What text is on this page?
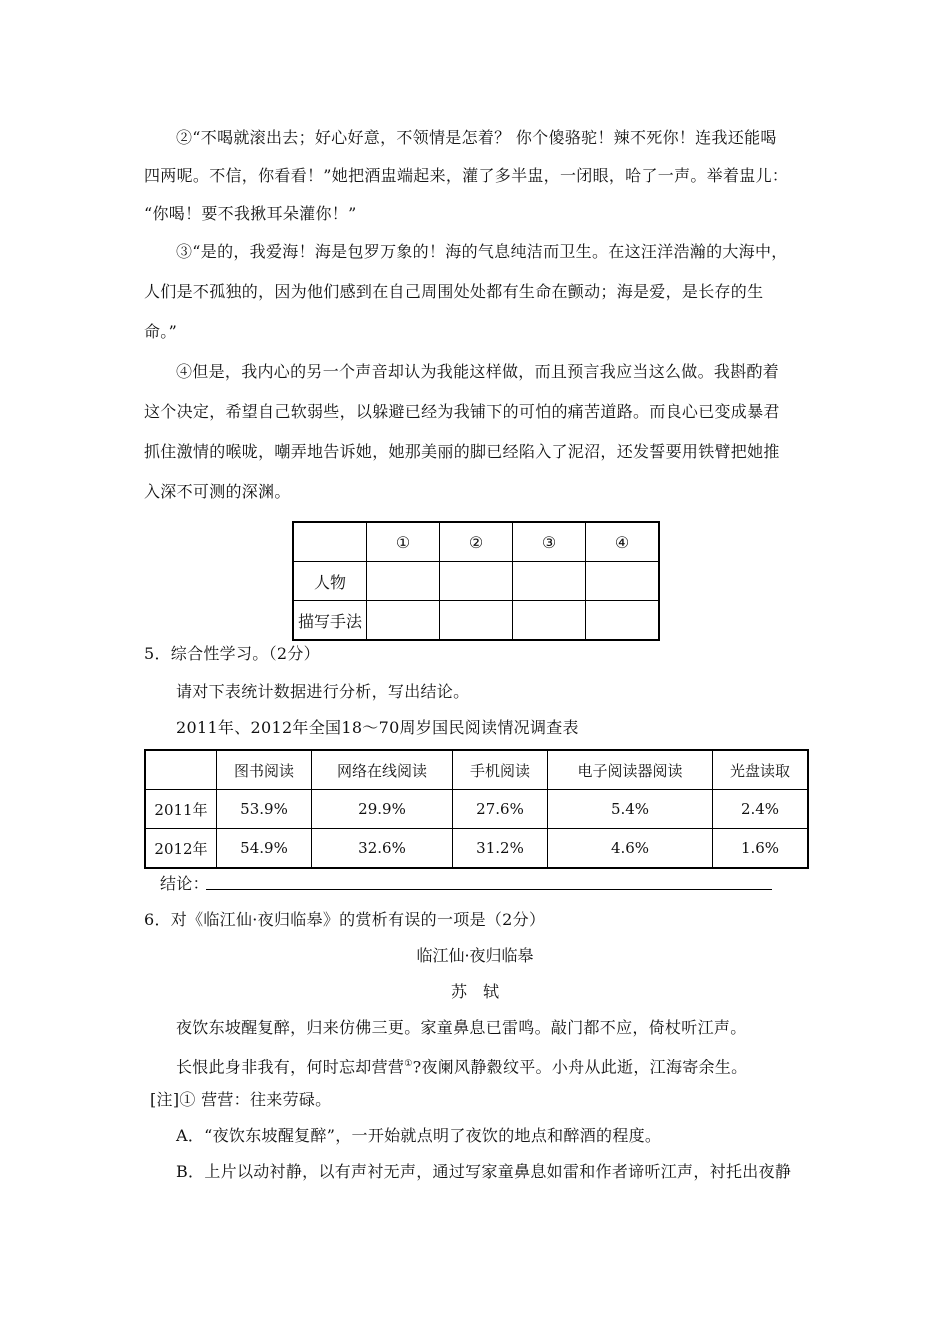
②“不喝就滚出去；好心好意，不领情是怎着？ 你个傻骆驼！辣不死你！连我还能喝
四两呢。不信，你看看！”她把酒盅端起来，灌了多半盅，一闭眼，哈了一声。举着盅儿：
“你喝！要不我揪耳朵灌你！”
③“是的，我爱海！海是包罗万象的！海的气息纯洁而卫生。在这汪洋浩瀚的大海中，
人们是不孤独的，因为他们感到在自己周围处处都有生命在颤动；海是爱，是长存的生
命。”
④但是，我内心的另一个声音却认为我能这样做，而且预言我应当这么做。我斟酌着
这个决定，希望自己软弱些，以躲避已经为我铺下的可怕的痛苦道路。而良心已变成暴君
抓住激情的喉咙，嘲弄地告诉她，她那美丽的脚已经陷入了泥沼，还发誓要用铁臂把她推
入深不可测的深渊。
	①	②	③	④
人物				
描写手法				
5．综合性学习。（2分）
请对下表统计数据进行分析，写出结论。
2011年、2012年全国18～70周岁国民阅读情况调查表
	图书阅读	网络在线阅读	手机阅读	电子阅读器阅读	光盘读取
2011年	53.9%	29.9%	27.6%	5.4%	2.4%
2012年	54.9%	32.6%	31.2%	4.6%	1.6%
结论：
6．对《临江仙·夜归临皋》的赏析有误的一项是（2分）
临江仙·夜归临皋
苏　轼
夜饮东坡醒复醉，归来仿佛三更。家童鼻息已雷鸣。敲门都不应，倚杖听江声。
长恨此身非我有，何时忘却营营①?夜阑风静縠纹平。小舟从此逝，江海寄余生。
[注]① 营营：往来劳碌。
A．“夜饮东坡醒复醉”，一开始就点明了夜饮的地点和醉酒的程度。
B．上片以动衬静，以有声衬无声，通过写家童鼻息如雷和作者谛听江声，衬托出夜静
